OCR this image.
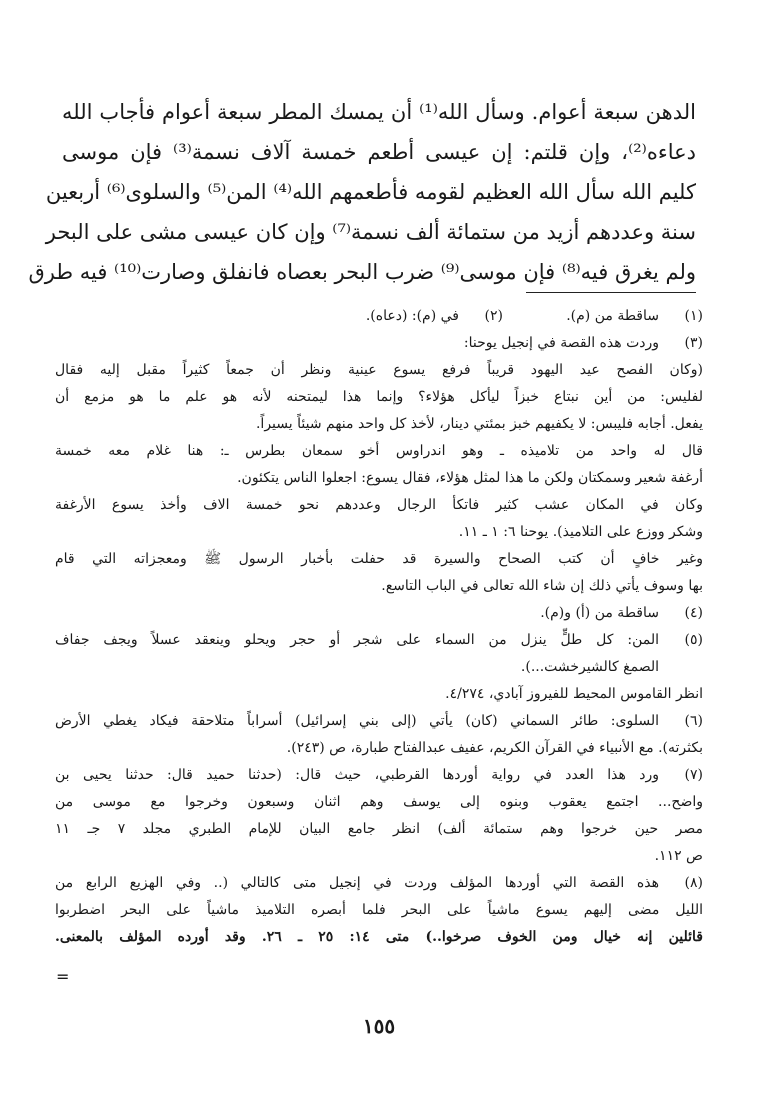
الدهن سبعة أعوام. وسأل الله⁽¹⁾ أن يمسك المطر سبعة أعوام فأجاب الله
دعاءه⁽²⁾، وإن قلتم: إن عيسى أطعم خمسة آلاف نسمة⁽³⁾ فإن موسى
كليم الله سأل الله العظيم لقومه فأطعمهم الله⁽⁴⁾ المن⁽⁵⁾ والسلوى⁽⁶⁾ أربعين
سنة وعددهم أزيد من ستمائة ألف نسمة⁽⁷⁾ وإن كان عيسى مشى على البحر
ولم يغرق فيه⁽⁸⁾ فإن موسى⁽⁹⁾ ضرب البحر بعصاه فانفلق وصارت⁽¹⁰⁾ فيه طرق
(١)ساقطة من (م).
(٢)في (م): (دعاه).
(٣)
وردت هذه القصة في إنجيل يوحنا:
(وكان الفصح عيد اليهود قريباً فرفع يسوع عينية ونظر أن جمعاً كثيراً مقبل إليه فقال
لفليس: من أين نبتاع خبزاً ليأكل هؤلاء؟ وإنما هذا ليمتحنه لأنه هو علم ما هو مزمع أن
يفعل. أجابه فليبس: لا يكفيهم خبز بمئتي دينار، لأخذ كل واحد منهم شيئاً يسيراً.
قال له واحد من تلاميذه ـ وهو اندراوس أخو سمعان بطرس ـ: هنا غلام معه خمسة
أرغفة شعير وسمكتان ولكن ما هذا لمثل هؤلاء، فقال يسوع: اجعلوا الناس يتكئون.
وكان في المكان عشب كثير فاتكأ الرجال وعددهم نحو خمسة الاف وأخذ يسوع الأرغفة
وشكر ووزع على التلاميذ). يوحنا ٦: ١ ـ ١١.
وغير خافٍ أن كتب الصحاح والسيرة قد حفلت بأخبار الرسول ﷺ ومعجزاته التي قام
بها وسوف يأتي ذلك إن شاء الله تعالى في الباب التاسع.
(٤)
ساقطة من (أ) و(م).
(٥)
المن: كل طلٍّ ينزل من السماء على شجر أو حجر ويحلو وينعقد عسلاً ويجف جفاف
الصمغ كالشيرخشت...).
انظر القاموس المحيط للفيروز آبادي، ٤/٢٧٤.
(٦)
السلوى: طائر السماني (كان) يأتي (إلى بني إسرائيل) أسراباً متلاحقة فيكاد يغطي الأرض
بكثرته). مع الأنبياء في القرآن الكريم، عفيف عبدالفتاح طبارة، ص (٢٤٣).
(٧)
ورد هذا العدد في رواية أوردها القرطبي، حيث قال: (حدثنا حميد قال: حدثنا يحيى بن
واضح... اجتمع يعقوب وبنوه إلى يوسف وهم اثنان وسبعون وخرجوا مع موسى من
مصر حين خرجوا وهم ستمائة ألف) انظر جامع البيان للإمام الطبري مجلد ٧ جـ ١١
ص ١١٢.
(٨)
هذه القصة التي أوردها المؤلف وردت في إنجيل متى كالتالي (.. وفي الهزيع الرابع من
الليل مضى إليهم يسوع ماشياً على البحر فلما أبصره التلاميذ ماشياً على البحر اضطربوا
قائلين إنه خيال ومن الخوف صرخوا..) متى ١٤: ٢٥ ـ ٢٦. وقد أورده المؤلف بالمعنى.
=
١٥٥
